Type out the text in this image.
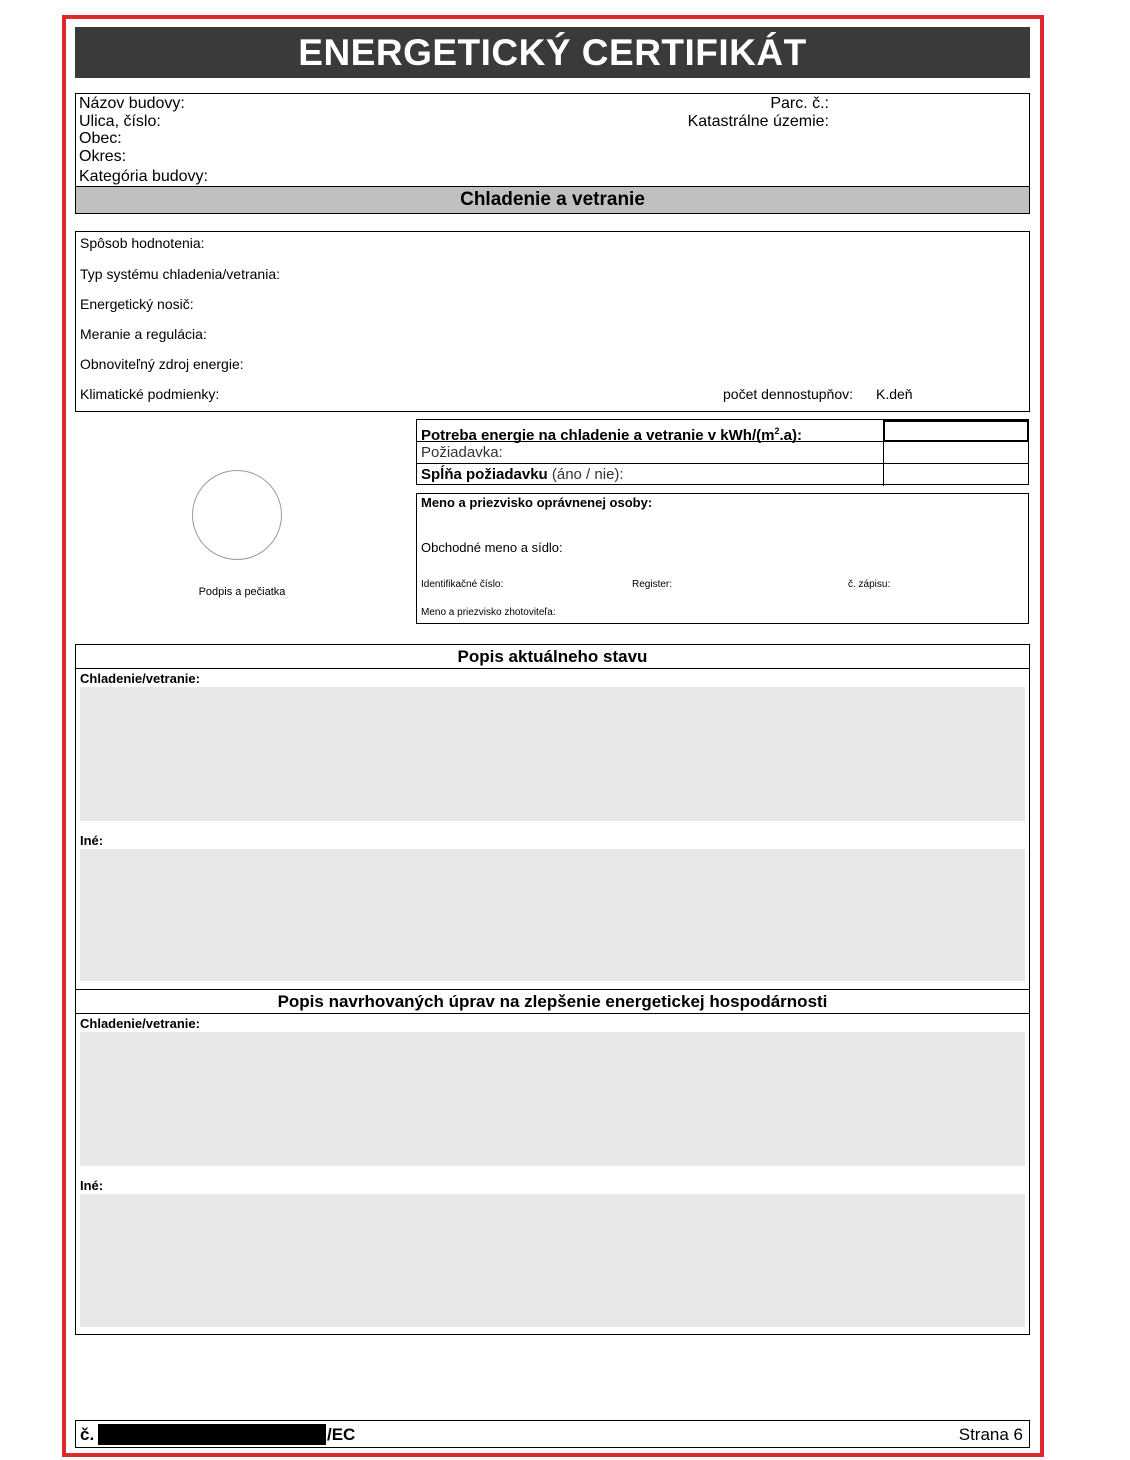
ENERGETICKÝ CERTIFIKÁT
Názov budovy:
Ulica, číslo:
Obec:
Okres:
Kategória budovy:
Parc. č.:
Katastrálne územie:
Chladenie a vetranie
Spôsob hodnotenia:
Typ systému chladenia/vetrania:
Energetický nosič:
Meranie a regulácia:
Obnoviteľný zdroj energie:
Klimatické podmienky:	počet dennostupňov: K.deň
Podpis a pečiatka
Potreba energie na chladenie a vetranie v kWh/$(m^2.a)$:
Požiadavka:
Spĺňa požiadavku (áno / nie):
Meno a priezvisko oprávnenej osoby:
Obchodné meno a sídlo:
Identifikačné číslo:	Register:	č. zápisu:
Meno a priezvisko zhotoviteľa:
Popis aktuálneho stavu
Chladenie/vetranie:
Iné:
Popis navrhovaných úprav na zlepšenie energetickej hospodárnosti
Chladenie/vetranie:
Iné:
č.	/EC	Strana 6
